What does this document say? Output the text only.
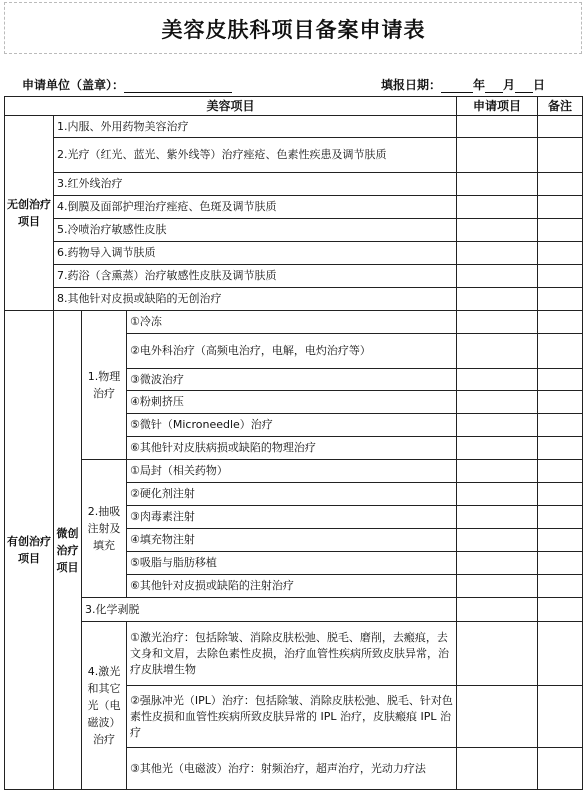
美容皮肤科项目备案申请表
申请单位（盖章）：	填报日期：	年 月 日
美容项目				申请项目	备注
无创治疗项目	1.内服、外用药物美容治疗				
	2.光疗（红光、蓝光、紫外线等）治疗痤疮、色素性疾患及调节肤质				
	3.红外线治疗				
	4.倒膜及面部护理治疗痤疮、色斑及调节肤质				
	5.冷喷治疗敏感性皮肤				
	6.药物导入调节肤质				
	7.药浴（含熏蒸）治疗敏感性皮肤及调节肤质				
	8.其他针对皮损或缺陷的无创治疗				
有创治疗项目	微创治疗项目	1.物理治疗	①冷冻		
			②电外科治疗（高频电治疗，电解，电灼治疗等）		
			③微波治疗		
			④粉刺挤压		
			⑤微针（Microneedle）治疗		
			⑥其他针对皮肤病损或缺陷的物理治疗		
		2.抽吸注射及填充	①局封（相关药物）		
			②硬化剂注射		
			③肉毒素注射		
			④填充物注射		
			⑤吸脂与脂肪移植		
			⑥其他针对皮损或缺陷的注射治疗		
		3.化学剥脱			
		4.激光和其它光（电磁波）治疗	①激光治疗：包括除皱、消除皮肤松弛、脱毛、磨削，去瘢痕，去文身和文眉，去除色素性皮损，治疗血管性疾病所致皮肤异常，治疗皮肤增生物		
			②强脉冲光（IPL）治疗：包括除皱、消除皮肤松弛、脱毛、针对色素性皮损和血管性疾病所致皮肤异常的 IPL 治疗，皮肤瘢痕 IPL 治疗		
			③其他光（电磁波）治疗：射频治疗，超声治疗，光动力疗法		
